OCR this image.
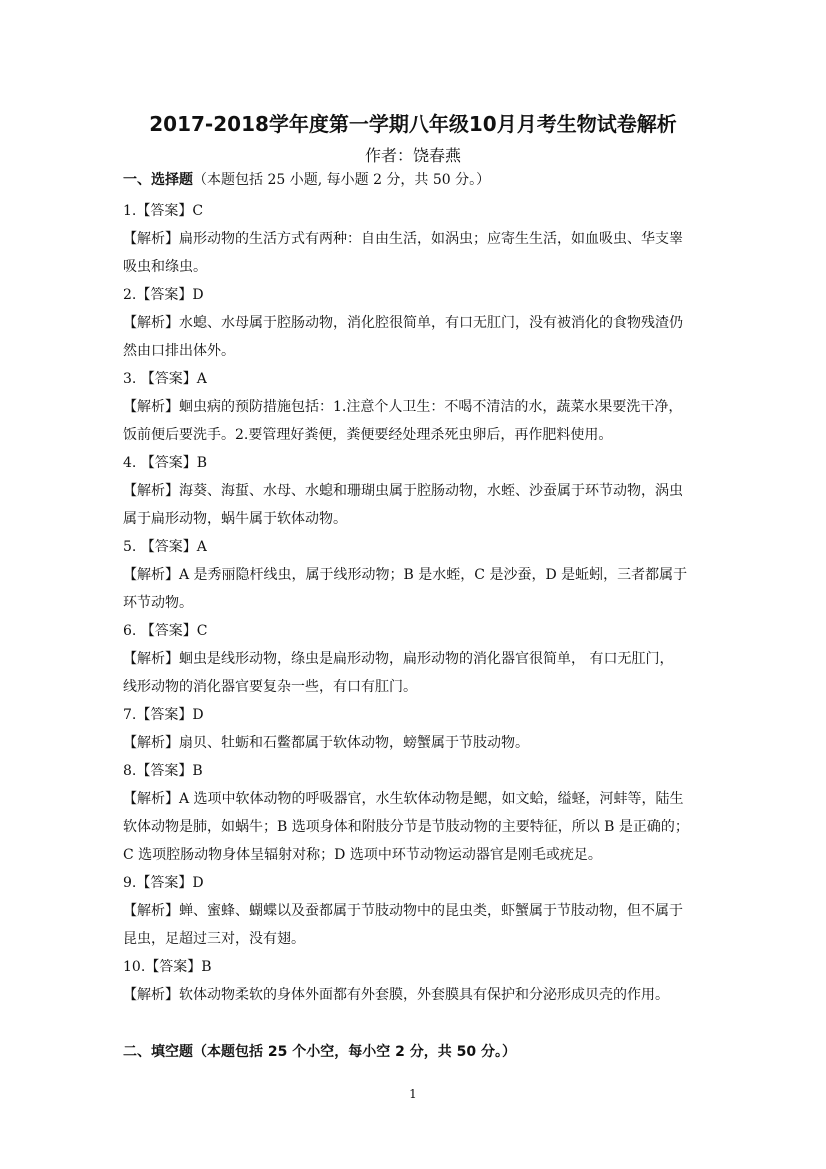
2017-2018学年度第一学期八年级10月月考生物试卷解析
作者：饶春燕
一、选择题（本题包括 25 小题, 每小题 2 分，共 50 分。）
1.【答案】C
【解析】扁形动物的生活方式有两种：自由生活，如涡虫；应寄生生活，如血吸虫、华支睾
吸虫和绦虫。
2.【答案】D
【解析】水螅、水母属于腔肠动物，消化腔很简单，有口无肛门，没有被消化的食物残渣仍
然由口排出体外。
3. 【答案】A
【解析】蛔虫病的预防措施包括：1.注意个人卫生：不喝不清洁的水，蔬菜水果要洗干净，
饭前便后要洗手。2.要管理好粪便，粪便要经处理杀死虫卵后，再作肥料使用。
4. 【答案】B
【解析】海葵、海蜇、水母、水螅和珊瑚虫属于腔肠动物，水蛭、沙蚕属于环节动物，涡虫
属于扁形动物，蜗牛属于软体动物。
5. 【答案】A
【解析】A 是秀丽隐杆线虫，属于线形动物；B 是水蛭，C 是沙蚕，D 是蚯蚓，三者都属于
环节动物。
6. 【答案】C
【解析】蛔虫是线形动物，绦虫是扁形动物，扁形动物的消化器官很简单， 有口无肛门，
线形动物的消化器官要复杂一些，有口有肛门。
7.【答案】D
【解析】扇贝、牡蛎和石鳖都属于软体动物，螃蟹属于节肢动物。
8.【答案】B
【解析】A 选项中软体动物的呼吸器官，水生软体动物是鳃，如文蛤，缢蛏，河蚌等，陆生
软体动物是肺，如蜗牛；B 选项身体和附肢分节是节肢动物的主要特征，所以 B 是正确的；
C 选项腔肠动物身体呈辐射对称；D 选项中环节动物运动器官是刚毛或疣足。
9.【答案】D
【解析】蝉、蜜蜂、蝴蝶以及蚕都属于节肢动物中的昆虫类，虾蟹属于节肢动物，但不属于
昆虫，足超过三对，没有翅。
10.【答案】B
【解析】软体动物柔软的身体外面都有外套膜，外套膜具有保护和分泌形成贝壳的作用。
二、填空题（本题包括 25 个小空，每小空 2 分，共 50 分。）
1
